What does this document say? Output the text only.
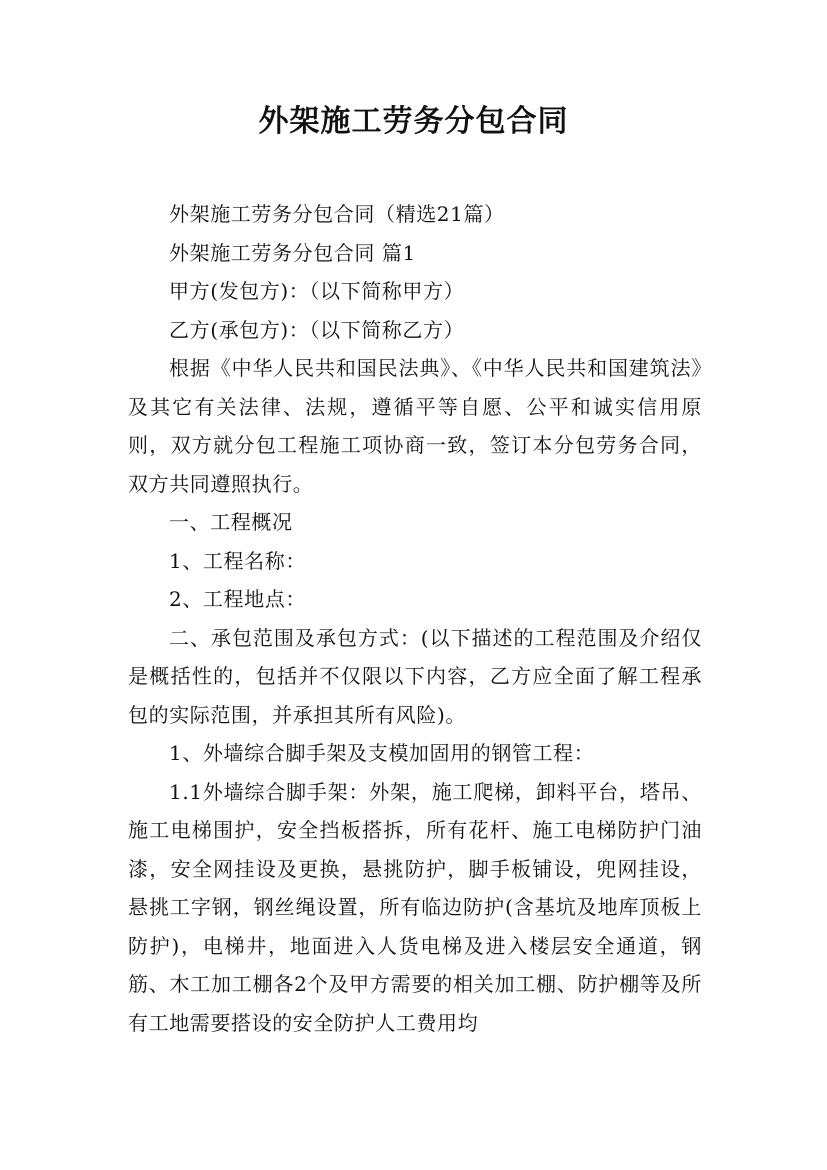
外架施工劳务分包合同

外架施工劳务分包合同（精选21篇）

外架施工劳务分包合同 篇1

甲方(发包方)：（以下简称甲方）

乙方(承包方)：（以下简称乙方）

根据《中华人民共和国民法典》、《中华人民共和国建筑法》及其它有关法律、法规，遵循平等自愿、公平和诚实信用原则，双方就分包工程施工项协商一致，签订本分包劳务合同，双方共同遵照执行。

一、工程概况

1、工程名称：

2、工程地点：

二、承包范围及承包方式：(以下描述的工程范围及介绍仅是概括性的，包括并不仅限以下内容，乙方应全面了解工程承包的实际范围，并承担其所有风险)。

1、外墙综合脚手架及支模加固用的钢管工程：

1.1外墙综合脚手架：外架，施工爬梯，卸料平台，塔吊、施工电梯围护，安全挡板搭拆，所有花杆、施工电梯防护门油漆，安全网挂设及更换，悬挑防护，脚手板铺设，兜网挂设，悬挑工字钢，钢丝绳设置，所有临边防护(含基坑及地库顶板上防护)，电梯井，地面进入人货电梯及进入楼层安全通道，钢筋、木工加工棚各2个及甲方需要的相关加工棚、防护棚等及所有工地需要搭设的安全防护人工费用均
